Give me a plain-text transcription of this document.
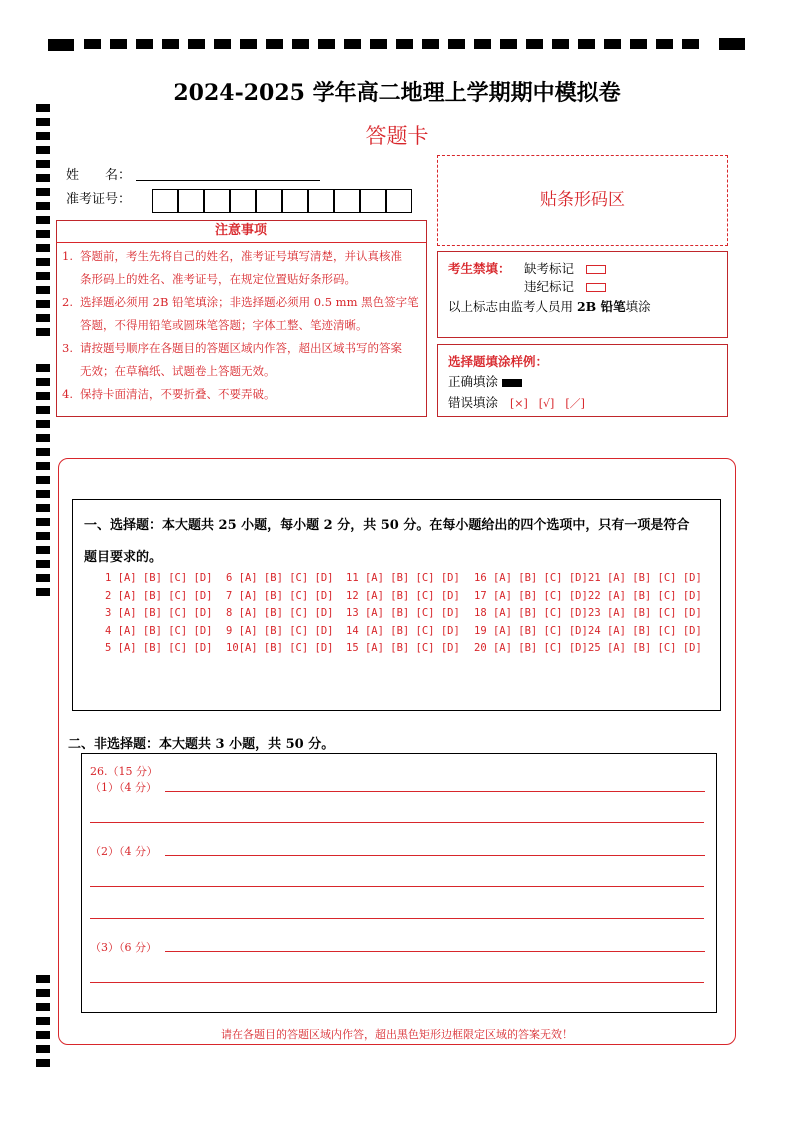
2024-2025 学年高二地理上学期期中模拟卷
答题卡
姓　　名：
准考证号：	贴条形码区
注意事项
1. 答题前，考生先将自己的姓名，准考证号填写清楚，并认真核准
条形码上的姓名、准考证号，在规定位置贴好条形码。
2. 选择题必须用 2B 铅笔填涂；非选择题必须用 0.5 mm 黑色签字笔
答题，不得用铅笔或圆珠笔答题；字体工整、笔迹清晰。
3. 请按题号顺序在各题目的答题区域内作答，超出区域书写的答案
无效；在草稿纸、试题卷上答题无效。
4. 保持卡面清洁，不要折叠、不要弄破。
考生禁填： 缺考标记
违纪标记
以上标志由监考人员用 2B 铅笔填涂
选择题填涂样例：
正确填涂
错误填涂 [×]　[√]　[／]
一、选择题：本大题共 25 小题，每小题 2 分，共 50 分。在每小题给出的四个选项中，只有一项是符合
题目要求的。
1 [A] [B] [C] [D]
2 [A] [B] [C] [D]
3 [A] [B] [C] [D]
4 [A] [B] [C] [D]
5 [A] [B] [C] [D]
6 [A] [B] [C] [D]
7 [A] [B] [C] [D]
8 [A] [B] [C] [D]
9 [A] [B] [C] [D]
10[A] [B] [C] [D]
11 [A] [B] [C] [D]
12 [A] [B] [C] [D]
13 [A] [B] [C] [D]
14 [A] [B] [C] [D]
15 [A] [B] [C] [D]
16 [A] [B] [C] [D]
17 [A] [B] [C] [D]
18 [A] [B] [C] [D]
19 [A] [B] [C] [D]
20 [A] [B] [C] [D]
21 [A] [B] [C] [D]
22 [A] [B] [C] [D]
23 [A] [B] [C] [D]
24 [A] [B] [C] [D]
25 [A] [B] [C] [D]
二、非选择题：本大题共 3 小题，共 50 分。
26.（15 分）
（1）（4 分）
（2）（4 分）
（3）（6 分）
请在各题目的答题区域内作答，超出黑色矩形边框限定区域的答案无效！
